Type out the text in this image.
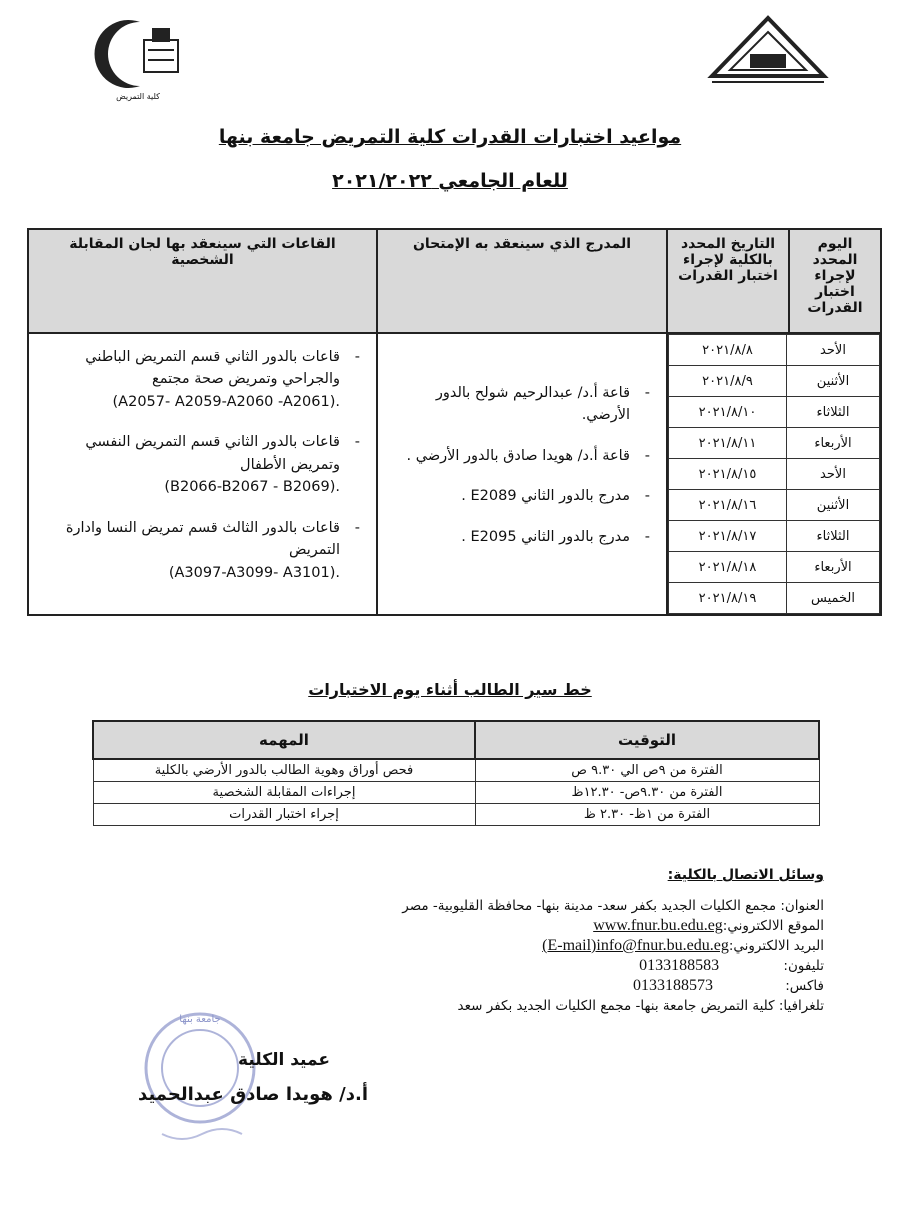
كلية التمريض
مواعيد اختبارات القدرات كلية التمريض جامعة بنها
للعام الجامعي ٢٠٢١/٢٠٢٢
اليوم المحدد لإجراء اختبار القدرات	التاريخ المحدد بالكلية لإجراء اختبار القدرات	المدرج الذي سينعقد به الإمتحان	القاعات التي سينعقد بها لجان المقابلة الشخصية

الأحد	٢٠٢١/٨/٨
الأثنين	٢٠٢١/٨/٩
الثلاثاء	٢٠٢١/٨/١٠
الأربعاء	٢٠٢١/٨/١١
الأحد	٢٠٢١/٨/١٥
الأثنين	٢٠٢١/٨/١٦
الثلاثاء	٢٠٢١/٨/١٧
الأربعاء	٢٠٢١/٨/١٨
الخميس	٢٠٢١/٨/١٩

- قاعة أ.د/ عبدالرحيم شولح بالدور الأرضي.
- قاعة أ.د/ هويدا صادق بالدور الأرضي .
- مدرج بالدور الثاني E2089 .
- مدرج بالدور الثاني E2095 .

- قاعات بالدور الثاني قسم التمريض الباطني والجراحي وتمريض صحة مجتمع
(A2057- A2059-A2060 -A2061).
- قاعات بالدور الثاني قسم التمريض النفسي وتمريض الأطفال
(B2066-B2067 - B2069).
- قاعات بالدور الثالث قسم تمريض النسا وادارة التمريض
(A3097-A3099- A3101).
خط سير الطالب أثناء يوم الاختبارات
التوقيت	المهمه
الفترة من ٩ص الي ٩.٣٠ ص	فحص أوراق وهوية الطالب بالدور الأرضي بالكلية
الفترة من ٩.٣٠ص- ١٢.٣٠ظ	إجراءات المقابلة الشخصية
الفترة من ١ظ- ٢.٣٠ ظ	إجراء اختبار القدرات
وسائل الاتصال بالكلية:
العنوان: مجمع الكليات الجديد بكفر سعد- مدينة بنها- محافظة القليوبية- مصر
الموقع الالكتروني:www.fnur.bu.edu.eg
البريد الالكتروني:(E-mail)info@fnur.bu.edu.eg
تليفون: 0133188583
فاكس: 0133188573
تلغرافيا: كلية التمريض جامعة بنها- مجمع الكليات الجديد بكفر سعد
جامعة بنها
عميد الكلية
أ.د/ هويدا صادق عبدالحميد
